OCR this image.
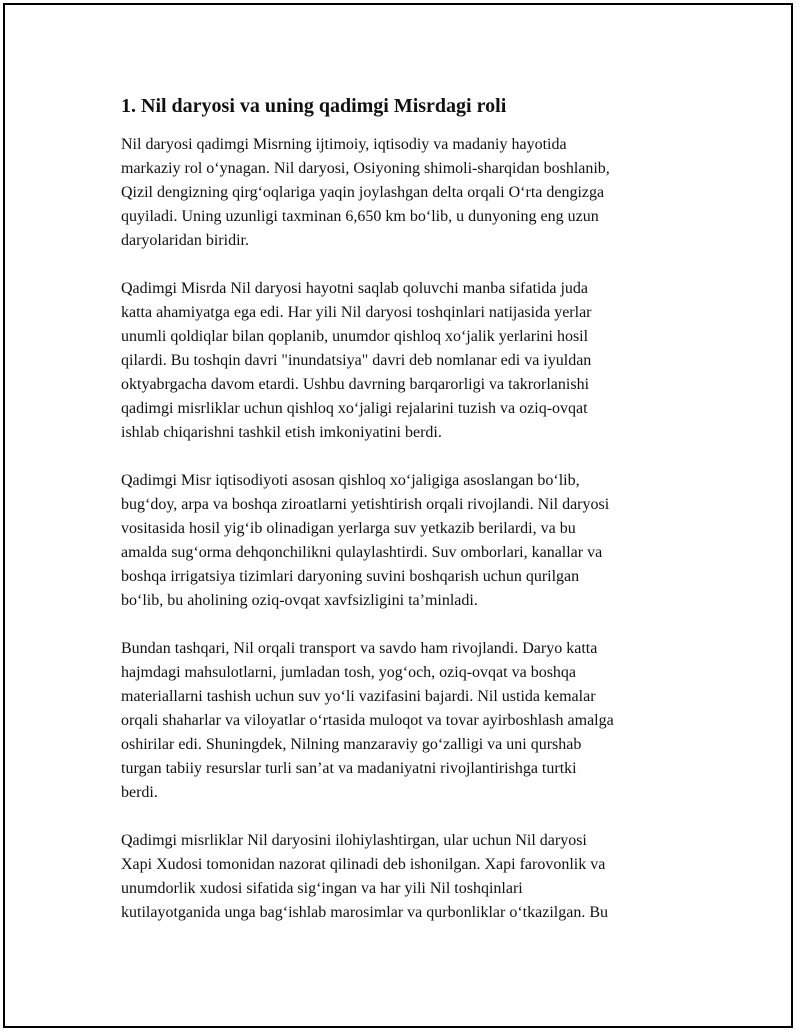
1. Nil daryosi va uning qadimgi Misrdagi roli
Nil daryosi qadimgi Misrning ijtimoiy, iqtisodiy va madaniy hayotida
markaziy rol o‘ynagan. Nil daryosi, Osiyoning shimoli-sharqidan boshlanib,
Qizil dengizning qirg‘oqlariga yaqin joylashgan delta orqali O‘rta dengizga
quyiladi. Uning uzunligi taxminan 6,650 km bo‘lib, u dunyoning eng uzun
daryolaridan biridir.
Qadimgi Misrda Nil daryosi hayotni saqlab qoluvchi manba sifatida juda
katta ahamiyatga ega edi. Har yili Nil daryosi toshqinlari natijasida yerlar
unumli qoldiqlar bilan qoplanib, unumdor qishloq xo‘jalik yerlarini hosil
qilardi. Bu toshqin davri "inundatsiya" davri deb nomlanar edi va iyuldan
oktyabrgacha davom etardi. Ushbu davrning barqarorligi va takrorlanishi
qadimgi misrliklar uchun qishloq xo‘jaligi rejalarini tuzish va oziq-ovqat
ishlab chiqarishni tashkil etish imkoniyatini berdi.
Qadimgi Misr iqtisodiyoti asosan qishloq xo‘jaligiga asoslangan bo‘lib,
bug‘doy, arpa va boshqa ziroatlarni yetishtirish orqali rivojlandi. Nil daryosi
vositasida hosil yig‘ib olinadigan yerlarga suv yetkazib berilardi, va bu
amalda sug‘orma dehqonchilikni qulaylashtirdi. Suv omborlari, kanallar va
boshqa irrigatsiya tizimlari daryoning suvini boshqarish uchun qurilgan
bo‘lib, bu aholining oziq-ovqat xavfsizligini ta’minladi.
Bundan tashqari, Nil orqali transport va savdo ham rivojlandi. Daryo katta
hajmdagi mahsulotlarni, jumladan tosh, yog‘och, oziq-ovqat va boshqa
materiallarni tashish uchun suv yo‘li vazifasini bajardi. Nil ustida kemalar
orqali shaharlar va viloyatlar o‘rtasida muloqot va tovar ayirboshlash amalga
oshirilar edi. Shuningdek, Nilning manzaraviy go‘zalligi va uni qurshab
turgan tabiiy resurslar turli san’at va madaniyatni rivojlantirishga turtki
berdi.
Qadimgi misrliklar Nil daryosini ilohiylashtirgan, ular uchun Nil daryosi
Xapi Xudosi tomonidan nazorat qilinadi deb ishonilgan. Xapi farovonlik va
unumdorlik xudosi sifatida sig‘ingan va har yili Nil toshqinlari
kutilayotganida unga bag‘ishlab marosimlar va qurbonliklar o‘tkazilgan. Bu
